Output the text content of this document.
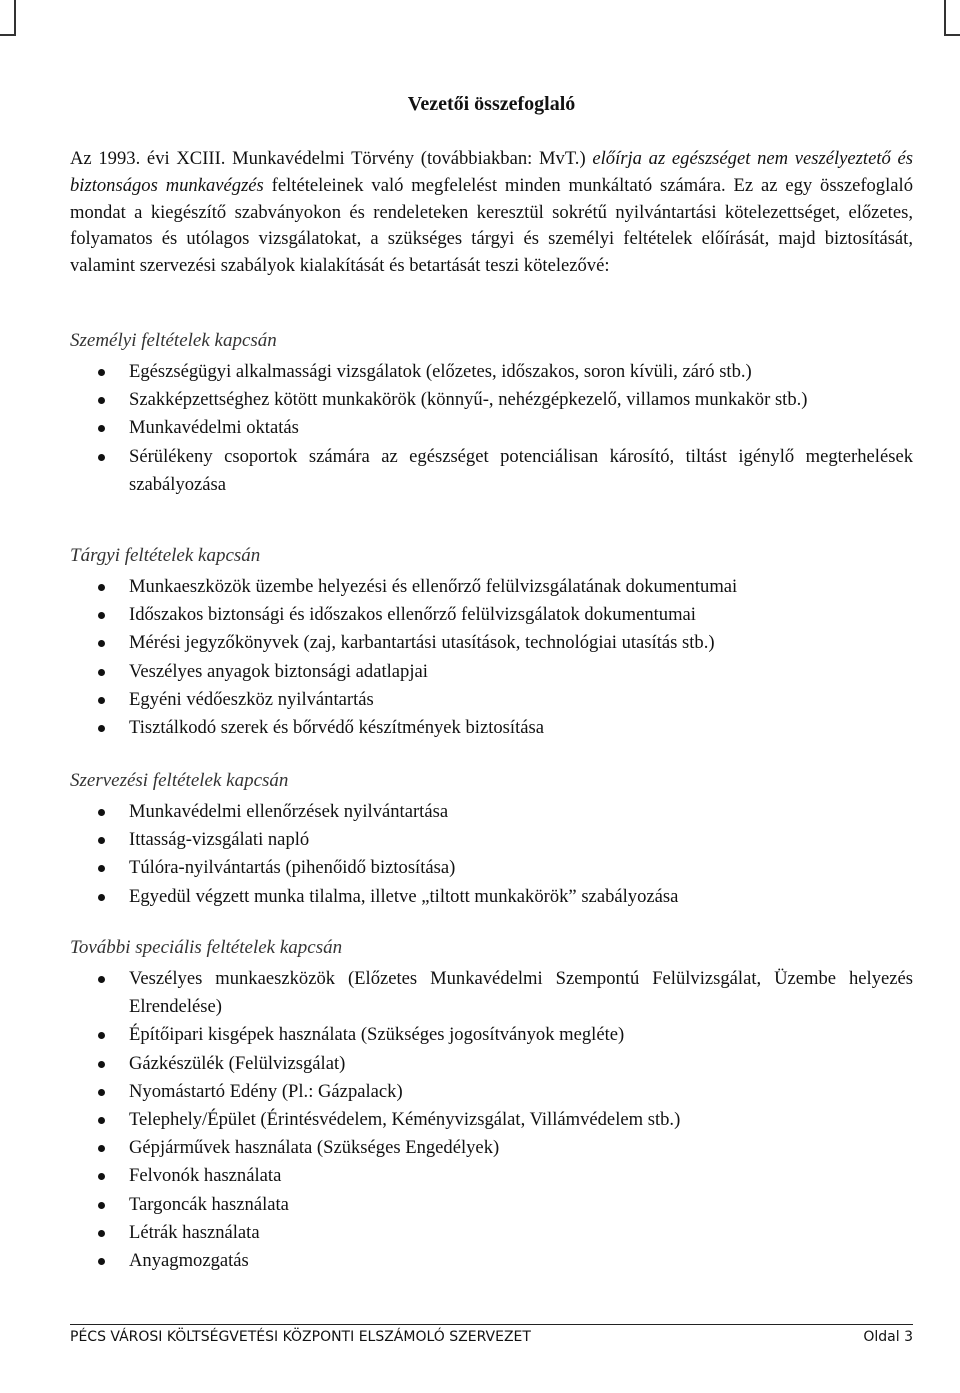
Vezetői összefoglaló
Az 1993. évi XCIII. Munkavédelmi Törvény (továbbiakban: MvT.) előírja az egészséget nem veszélyeztető és biztonságos munkavégzés feltételeinek való megfelelést minden munkáltató számára. Ez az egy összefoglaló mondat a kiegészítő szabványokon és rendeleteken keresztül sokrétű nyilvántartási kötelezettséget, előzetes, folyamatos és utólagos vizsgálatokat, a szükséges tárgyi és személyi feltételek előírását, majd biztosítását, valamint szervezési szabályok kialakítását és betartását teszi kötelezővé:
Személyi feltételek kapcsán
Egészségügyi alkalmassági vizsgálatok (előzetes, időszakos, soron kívüli, záró stb.)
Szakképzettséghez kötött munkakörök (könnyű-, nehézgépkezelő, villamos munkakör stb.)
Munkavédelmi oktatás
Sérülékeny csoportok számára az egészséget potenciálisan károsító, tiltást igénylő megterhelések szabályozása
Tárgyi feltételek kapcsán
Munkaeszközök üzembe helyezési és ellenőrző felülvizsgálatának dokumentumai
Időszakos biztonsági és időszakos ellenőrző felülvizsgálatok dokumentumai
Mérési jegyzőkönyvek (zaj, karbantartási utasítások, technológiai utasítás stb.)
Veszélyes anyagok biztonsági adatlapjai
Egyéni védőeszköz nyilvántartás
Tisztálkodó szerek és bőrvédő készítmények biztosítása
Szervezési feltételek kapcsán
Munkavédelmi ellenőrzések nyilvántartása
Ittasság-vizsgálati napló
Túlóra-nyilvántartás (pihenőidő biztosítása)
Egyedül végzett munka tilalma, illetve „tiltott munkakörök” szabályozása
További speciális feltételek kapcsán
Veszélyes munkaeszközök (Előzetes Munkavédelmi Szempontú Felülvizsgálat, Üzembe helyezés Elrendelése)
Építőipari kisgépek használata (Szükséges jogosítványok megléte)
Gázkészülék (Felülvizsgálat)
Nyomástartó Edény (Pl.: Gázpalack)
Telephely/Épület (Érintésvédelem, Kéményvizsgálat, Villámvédelem stb.)
Gépjárművek használata (Szükséges Engedélyek)
Felvonók használata
Targoncák használata
Létrák használata
Anyagmozgatás
PÉCS VÁROSI KÖLTSÉGVETÉSI KÖZPONTI ELSZÁMOLÓ SZERVEZET	Oldal 3
